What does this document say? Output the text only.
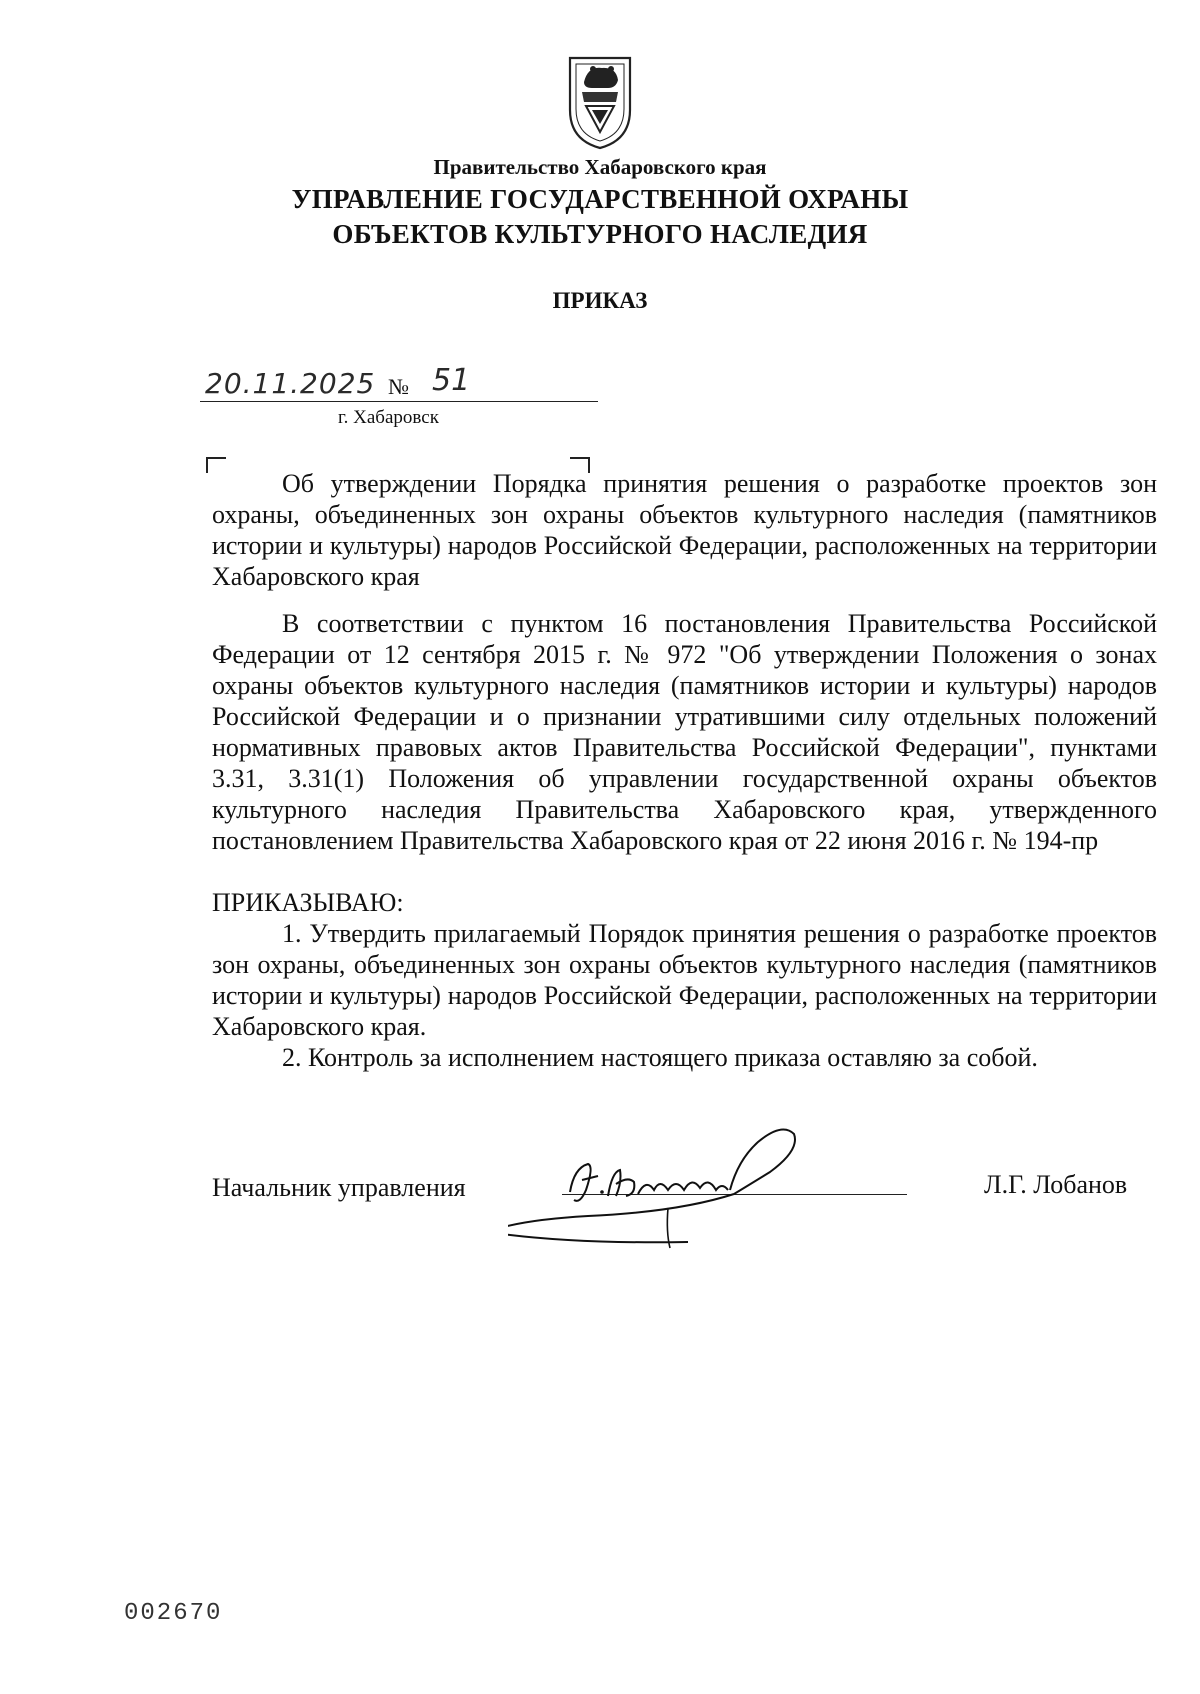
Правительство Хабаровского края
УПРАВЛЕНИЕ ГОСУДАРСТВЕННОЙ ОХРАНЫ
ОБЪЕКТОВ КУЛЬТУРНОГО НАСЛЕДИЯ
ПРИКАЗ
20.11.2025 № 51
г. Хабаровск
Об утверждении Порядка принятия решения о разработке проектов зон охраны, объединенных зон охраны объектов культурного наследия (памятников истории и культуры) народов Российской Федерации, расположенных на территории Хабаровского края
В соответствии с пунктом 16 постановления Правительства Российской Федерации от 12 сентября 2015 г. № 972 "Об утверждении Положения о зонах охраны объектов культурного наследия (памятников истории и культуры) народов Российской Федерации и о признании утратившими силу отдельных положений нормативных правовых актов Правительства Российской Федерации", пунктами 3.31, 3.31(1) Положения об управлении государственной охраны объектов культурного наследия Правительства Хабаровского края, утвержденного постановлением Правительства Хабаровского края от 22 июня 2016 г. № 194-пр
ПРИКАЗЫВАЮ:
1. Утвердить прилагаемый Порядок принятия решения о разработке проектов зон охраны, объединенных зон охраны объектов культурного наследия (памятников истории и культуры) народов Российской Федерации, расположенных на территории Хабаровского края.
2. Контроль за исполнением настоящего приказа оставляю за собой.
Начальник управления	Л.Г. Лобанов
002670
